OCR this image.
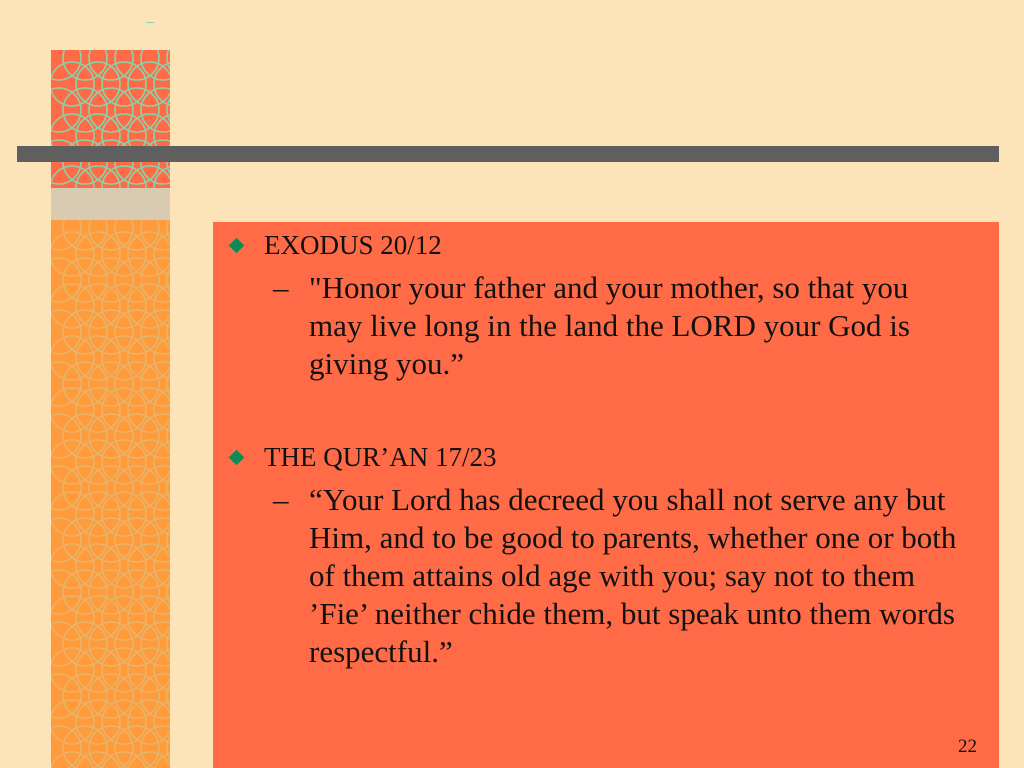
EXODUS 20/12
– "Honor your father and your mother, so that you may live long in the land the LORD your God is giving you.”
THE QUR’AN 17/23
– “Your Lord has decreed you shall not serve any but Him, and to be good to parents, whether one or both of them attains old age with you; say not to them ’Fie’ neither chide them, but speak unto them words respectful.”
22
